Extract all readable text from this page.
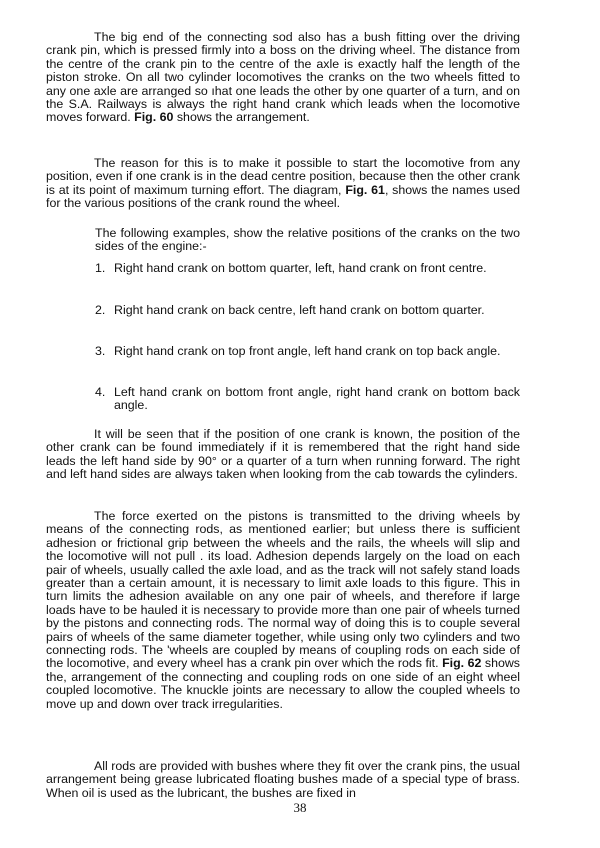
The big end of the connecting sod also has a bush fitting over the driving crank pin, which is pressed firmly into a boss on the driving wheel. The distance from the centre of the crank pin to the centre of the axle is exactly half the length of the piston stroke. On all two cylinder locomotives the cranks on the two wheels fitted to any one axle are arranged so ıhat one leads the other by one quarter of a turn, and on the S.A. Railways is always the right hand crank which leads when the locomotive moves forward. Fig. 60 shows the arrangement.

The reason for this is to make it possible to start the locomotive from any position, even if one crank is in the dead centre position, because then the other crank is at its point of maximum turning effort. The diagram, Fig. 61, shows the names used for the various positions of the crank round the wheel.

The following examples, show the relative positions of the cranks on the two sides of the engine:-

1. Right hand crank on bottom quarter, left, hand crank on front centre.
2. Right hand crank on back centre, left hand crank on bottom quarter.
3. Right hand crank on top front angle, left hand crank on top back angle.
4. Left hand crank on bottom front angle, right hand crank on bottom back angle.

It will be seen that if the position of one crank is known, the position of the other crank can be found immediately if it is remembered that the right hand side leads the left hand side by 90° or a quarter of a turn when running forward. The right and left hand sides are always taken when looking from the cab towards the cylinders.

The force exerted on the pistons is transmitted to the driving wheels by means of the connecting rods, as mentioned earlier; but unless there is sufficient adhesion or frictional grip between the wheels and the rails, the wheels will slip and the locomotive will not pull . its load. Adhesion depends largely on the load on each pair of wheels, usually called the axle load, and as the track will not safely stand loads greater than a certain amount, it is necessary to limit axle loads to this figure. This in turn limits the adhesion available on any one pair of wheels, and therefore if large loads have to be hauled it is necessary to provide more than one pair of wheels turned by the pistons and connecting rods. The normal way of doing this is to couple several pairs of wheels of the same diameter together, while using only two cylinders and two connecting rods. The 'wheels are coupled by means of coupling rods on each side of the locomotive, and every wheel has a crank pin over which the rods fit. Fig. 62 shows the, arrangement of the connecting and coupling rods on one side of an eight wheel coupled locomotive. The knuckle joints are necessary to allow the coupled wheels to move up and down over track irregularities.

All rods are provided with bushes where they fit over the crank pins, the usual arrangement being grease lubricated floating bushes made of a special type of brass. When oil is used as the lubricant, the bushes are fixed in

38
